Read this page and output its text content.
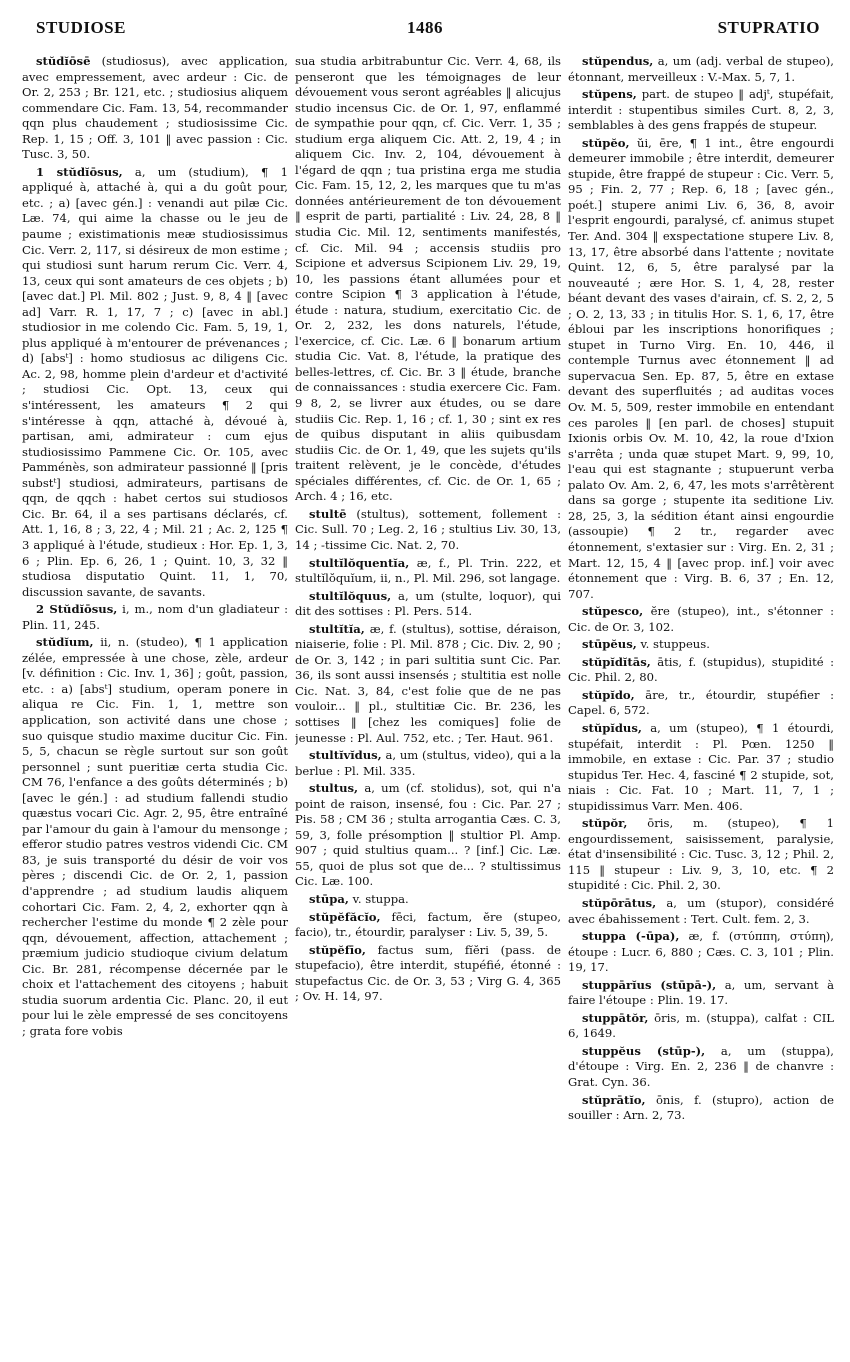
STUDIOSE	1486	STUPRATIO

stŭdĭōsē (studiosus), avec application, avec empressement, avec ardeur : Cic. de Or. 2, 253 ; Br. 121, etc. ; studiosius aliquem commendare Cic. Fam. 13, 54, recommander qqn plus chaudement ; studiosissime Cic. Rep. 1, 15 ; Off. 3, 101 ‖ avec passion : Cic. Tusc. 3, 50.

1 stŭdĭōsus, a, um (studium), ¶ 1 appliqué à, attaché à, qui a du goût pour, etc. ; a) [avec gén.] : venandi aut pilæ Cic. Læ. 74, qui aime la chasse ou le jeu de paume ; existimationis meæ studiosissimus Cic. Verr. 2, 117, si désireux de mon estime ; qui studiosi sunt harum rerum Cic. Verr. 4, 13, ceux qui sont amateurs de ces objets ; b) [avec dat.] Pl. Mil. 802 ; Just. 9, 8, 4 ‖ [avec ad] Varr. R. 1, 17, 7 ; c) [avec in abl.] studiosior in me colendo Cic. Fam. 5, 19, 1, plus appliqué à m'entourer de prévenances ; d) [absᵗ] : homo studiosus ac diligens Cic. Ac. 2, 98, homme plein d'ardeur et d'activité ; studiosi Cic. Opt. 13, ceux qui s'intéressent, les amateurs ¶ 2 qui s'intéresse à qqn, attaché à, dévoué à, partisan, ami, admirateur : cum ejus studiosissimo Pammene Cic. Or. 105, avec Pamménès, son admirateur passionné ‖ [pris substᵗ] studiosi, admirateurs, partisans de qqn, de qqch : habet certos sui studiosos Cic. Br. 64, il a ses partisans déclarés, cf. Att. 1, 16, 8 ; 3, 22, 4 ; Mil. 21 ; Ac. 2, 125 ¶ 3 appliqué à l'étude, studieux : Hor. Ep. 1, 3, 6 ; Plin. Ep. 6, 26, 1 ; Quint. 10, 3, 32 ‖ studiosa disputatio Quint. 11, 1, 70, discussion savante, de savants.

2 Stŭdĭōsus, i, m., nom d'un gladiateur : Plin. 11, 245.

stŭdĭum, ii, n. (studeo), ¶ 1 application zélée, empressée à une chose, zèle, ardeur [v. définition : Cic. Inv. 1, 36] ; goût, passion, etc. : a) [absᵗ] studium, operam ponere in aliqua re Cic. Fin. 1, 1, mettre son application, son activité dans une chose ; suo quisque studio maxime ducitur Cic. Fin. 5, 5, chacun se règle surtout sur son goût personnel ; sunt pueritiæ certa studia Cic. CM 76, l'enfance a des goûts déterminés ; b) [avec le gén.] : ad studium fallendi studio quæstus vocari Cic. Agr. 2, 95, être entraîné par l'amour du gain à l'amour du mensonge ; efferor studio patres vestros videndi Cic. CM 83, je suis transporté du désir de voir vos pères ; discendi Cic. de Or. 2, 1, passion d'apprendre ; ad studium laudis aliquem cohortari Cic. Fam. 2, 4, 2, exhorter qqn à rechercher l'estime du monde ¶ 2 zèle pour qqn, dévouement, affection, attachement ; præmium judicio studioque civium delatum Cic. Br. 281, récompense décernée par le choix et l'attachement des citoyens ; habuit studia suorum ardentia Cic. Planc. 20, il eut pour lui le zèle empressé de ses concitoyens ; grata fore vobis

sua studia arbitrabuntur Cic. Verr. 4, 68, ils penseront que les témoignages de leur dévouement vous seront agréables ‖ alicujus studio incensus Cic. de Or. 1, 97, enflammé de sympathie pour qqn, cf. Cic. Verr. 1, 35 ; studium erga aliquem Cic. Att. 2, 19, 4 ; in aliquem Cic. Inv. 2, 104, dévouement à l'égard de qqn ; tua pristina erga me studia Cic. Fam. 15, 12, 2, les marques que tu m'as données antérieurement de ton dévouement ‖ esprit de parti, partialité : Liv. 24, 28, 8 ‖ studia Cic. Mil. 12, sentiments manifestés, cf. Cic. Mil. 94 ; accensis studiis pro Scipione et adversus Scipionem Liv. 29, 19, 10, les passions étant allumées pour et contre Scipion ¶ 3 application à l'étude, étude : natura, studium, exercitatio Cic. de Or. 2, 232, les dons naturels, l'étude, l'exercice, cf. Cic. Læ. 6 ‖ bonarum artium studia Cic. Vat. 8, l'étude, la pratique des belles-lettres, cf. Cic. Br. 3 ‖ étude, branche de connaissances : studia exercere Cic. Fam. 9 8, 2, se livrer aux études, ou se dare studiis Cic. Rep. 1, 16 ; cf. 1, 30 ; sint ex res de quibus disputant in aliis quibusdam studiis Cic. de Or. 1, 49, que les sujets qu'ils traitent relèvent, je le concède, d'études spéciales différentes, cf. Cic. de Or. 1, 65 ; Arch. 4 ; 16, etc.

stultē (stultus), sottement, follement : Cic. Sull. 70 ; Leg. 2, 16 ; stultius Liv. 30, 13, 14 ; -tissime Cic. Nat. 2, 70.

stultĭlŏquentĭa, æ, f., Pl. Trin. 222, et stultĭlŏquĭum, ii, n., Pl. Mil. 296, sot langage.

stultĭlŏquus, a, um (stulte, loquor), qui dit des sottises : Pl. Pers. 514.

stultĭtĭa, æ, f. (stultus), sottise, déraison, niaiserie, folie : Pl. Mil. 878 ; Cic. Div. 2, 90 ; de Or. 3, 142 ; in pari sultitia sunt Cic. Par. 36, ils sont aussi insensés ; stultitia est nolle Cic. Nat. 3, 84, c'est folie que de ne pas vouloir... ‖ pl., stultitiæ Cic. Br. 236, les sottises ‖ [chez les comiques] folie de jeunesse : Pl. Aul. 752, etc. ; Ter. Haut. 961.

stultĭvĭdus, a, um (stultus, video), qui a la berlue : Pl. Mil. 335.

stultus, a, um (cf. stolidus), sot, qui n'a point de raison, insensé, fou : Cic. Par. 27 ; Pis. 58 ; CM 36 ; stulta arrogantia Cæs. C. 3, 59, 3, folle présomption ‖ stultior Pl. Amp. 907 ; quid stultius quam... ? [inf.] Cic. Læ. 55, quoi de plus sot que de... ? stultissimus Cic. Læ. 100.

stūpa, v. stuppa.

stŭpĕfăcĭo, fēci, factum, ĕre (stupeo, facio), tr., étourdir, paralyser : Liv. 5, 39, 5.

stŭpĕfīo, factus sum, fĭĕri (pass. de stupefacio), être interdit, stupéfié, étonné : stupefactus Cic. de Or. 3, 53 ; Virg G. 4, 365 ; Ov. H. 14, 97.

stŭpendus, a, um (adj. verbal de stupeo), étonnant, merveilleux : V.-Max. 5, 7, 1.

stŭpens, part. de stupeo ‖ adjᵗ, stupéfait, interdit : stupentibus similes Curt. 8, 2, 3, semblables à des gens frappés de stupeur.

stŭpĕo, ŭi, ēre, ¶ 1 int., être engourdi demeurer immobile ; être interdit, demeurer stupide, être frappé de stupeur : Cic. Verr. 5, 95 ; Fin. 2, 77 ; Rep. 6, 18 ; [avec gén., poét.] stupere animi Liv. 6, 36, 8, avoir l'esprit engourdi, paralysé, cf. animus stupet Ter. And. 304 ‖ exspectatione stupere Liv. 8, 13, 17, être absorbé dans l'attente ; novitate Quint. 12, 6, 5, être paralysé par la nouveauté ; ære Hor. S. 1, 4, 28, rester béant devant des vases d'airain, cf. S. 2, 2, 5 ; O. 2, 13, 33 ; in titulis Hor. S. 1, 6, 17, être ébloui par les inscriptions honorifiques ; stupet in Turno Virg. En. 10, 446, il contemple Turnus avec étonnement ‖ ad supervacua Sen. Ep. 87, 5, être en extase devant des superfluités ; ad auditas voces Ov. M. 5, 509, rester immobile en entendant ces paroles ‖ [en parl. de choses] stupuit Ixionis orbis Ov. M. 10, 42, la roue d'Ixion s'arrêta ; unda quæ stupet Mart. 9, 99, 10, l'eau qui est stagnante ; stupuerunt verba palato Ov. Am. 2, 6, 47, les mots s'arrêtèrent dans sa gorge ; stupente ita seditione Liv. 28, 25, 3, la sédition étant ainsi engourdie (assoupie) ¶ 2 tr., regarder avec étonnement, s'extasier sur : Virg. En. 2, 31 ; Mart. 12, 15, 4 ‖ [avec prop. inf.] voir avec étonnement que : Virg. B. 6, 37 ; En. 12, 707.

stŭpesco, ĕre (stupeo), int., s'étonner : Cic. de Or. 3, 102.

stūpĕus, v. stuppeus.

stŭpĭdĭtās, ātis, f. (stupidus), stupidité : Cic. Phil. 2, 80.

stŭpĭdo, āre, tr., étourdir, stupéfier : Capel. 6, 572.

stŭpĭdus, a, um (stupeo), ¶ 1 étourdi, stupéfait, interdit : Pl. Pœn. 1250 ‖ immobile, en extase : Cic. Par. 37 ; studio stupidus Ter. Hec. 4, fasciné ¶ 2 stupide, sot, niais : Cic. Fat. 10 ; Mart. 11, 7, 1 ; stupidissimus Varr. Men. 406.

stŭpŏr, ōris, m. (stupeo), ¶ 1 engourdissement, saisissement, paralysie, état d'insensibilité : Cic. Tusc. 3, 12 ; Phil. 2, 115 ‖ stupeur : Liv. 9, 3, 10, etc. ¶ 2 stupidité : Cic. Phil. 2, 30.

stŭpōrātus, a, um (stupor), considéré avec ébahissement : Tert. Cult. fem. 2, 3.

stuppa (-ūpa), æ, f. (στύππη, στύπη), étoupe : Lucr. 6, 880 ; Cæs. C. 3, 101 ; Plin. 19, 17.

stuppārĭus (stūpā-), a, um, servant à faire l'étoupe : Plin. 19. 17.

stuppātŏr, ōris, m. (stuppa), calfat : CIL 6, 1649.

stuppĕus (stūp-), a, um (stuppa), d'étoupe : Virg. En. 2, 236 ‖ de chanvre : Grat. Cyn. 36.

stŭprātĭo, ōnis, f. (stupro), action de souiller : Arn. 2, 73.
